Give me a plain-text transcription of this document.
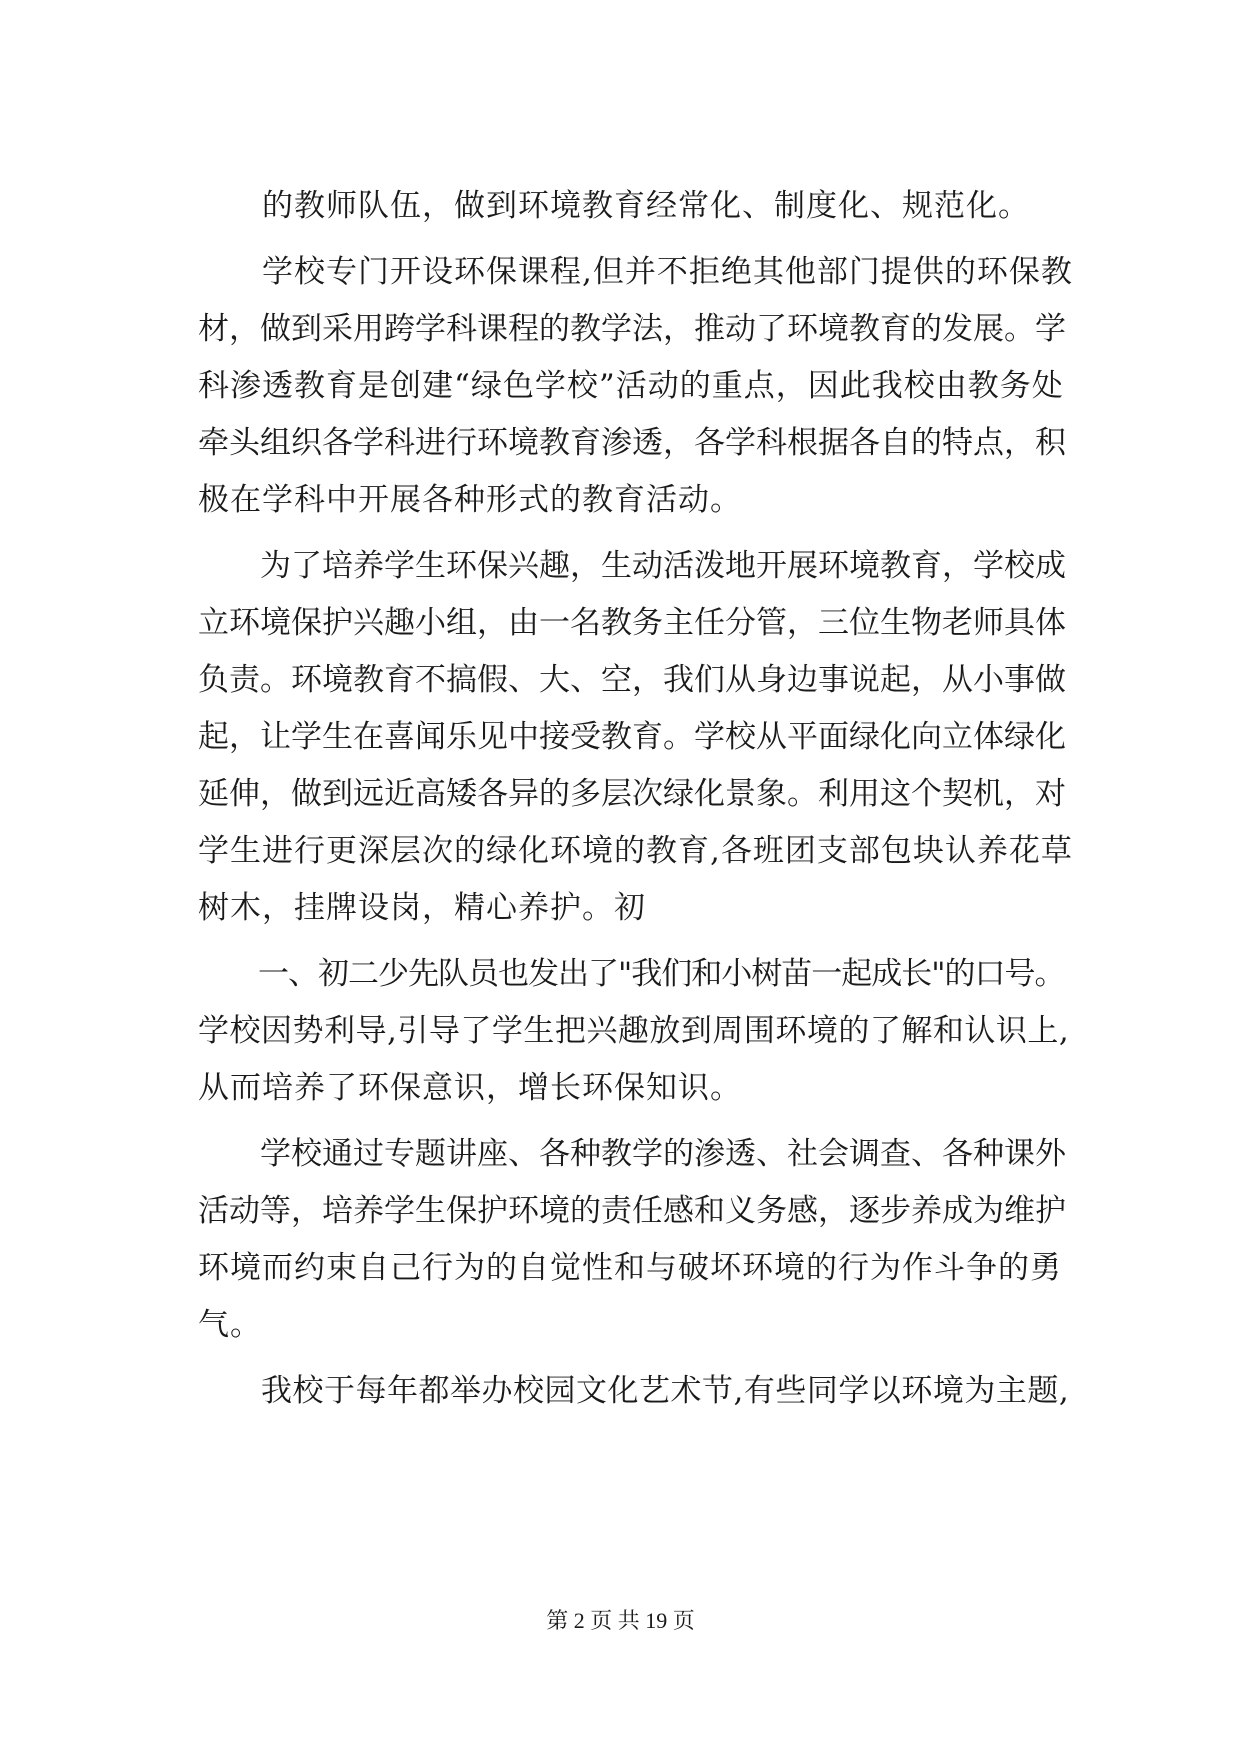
　　的教师队伍，做到环境教育经常化、制度化、规范化。
　　学校专门开设环保课程,但并不拒绝其他部门提供的环保教
材，做到采用跨学科课程的教学法，推动了环境教育的发展。学
科渗透教育是创建“绿色学校”活动的重点，因此我校由教务处
牵头组织各学科进行环境教育渗透，各学科根据各自的特点，积
极在学科中开展各种形式的教育活动。
　　为了培养学生环保兴趣，生动活泼地开展环境教育，学校成
立环境保护兴趣小组，由一名教务主任分管，三位生物老师具体
负责。环境教育不搞假、大、空，我们从身边事说起，从小事做
起，让学生在喜闻乐见中接受教育。学校从平面绿化向立体绿化
延伸，做到远近高矮各异的多层次绿化景象。利用这个契机，对
学生进行更深层次的绿化环境的教育,各班团支部包块认养花草
树木，挂牌设岗，精心养护。初
　　一、初二少先队员也发出了"我们和小树苗一起成长"的口号。
学校因势利导,引导了学生把兴趣放到周围环境的了解和认识上,
从而培养了环保意识，增长环保知识。
　　学校通过专题讲座、各种教学的渗透、社会调查、各种课外
活动等，培养学生保护环境的责任感和义务感，逐步养成为维护
环境而约束自己行为的自觉性和与破坏环境的行为作斗争的勇
气。
　　我校于每年都举办校园文化艺术节,有些同学以环境为主题,
第 2 页 共 19 页
